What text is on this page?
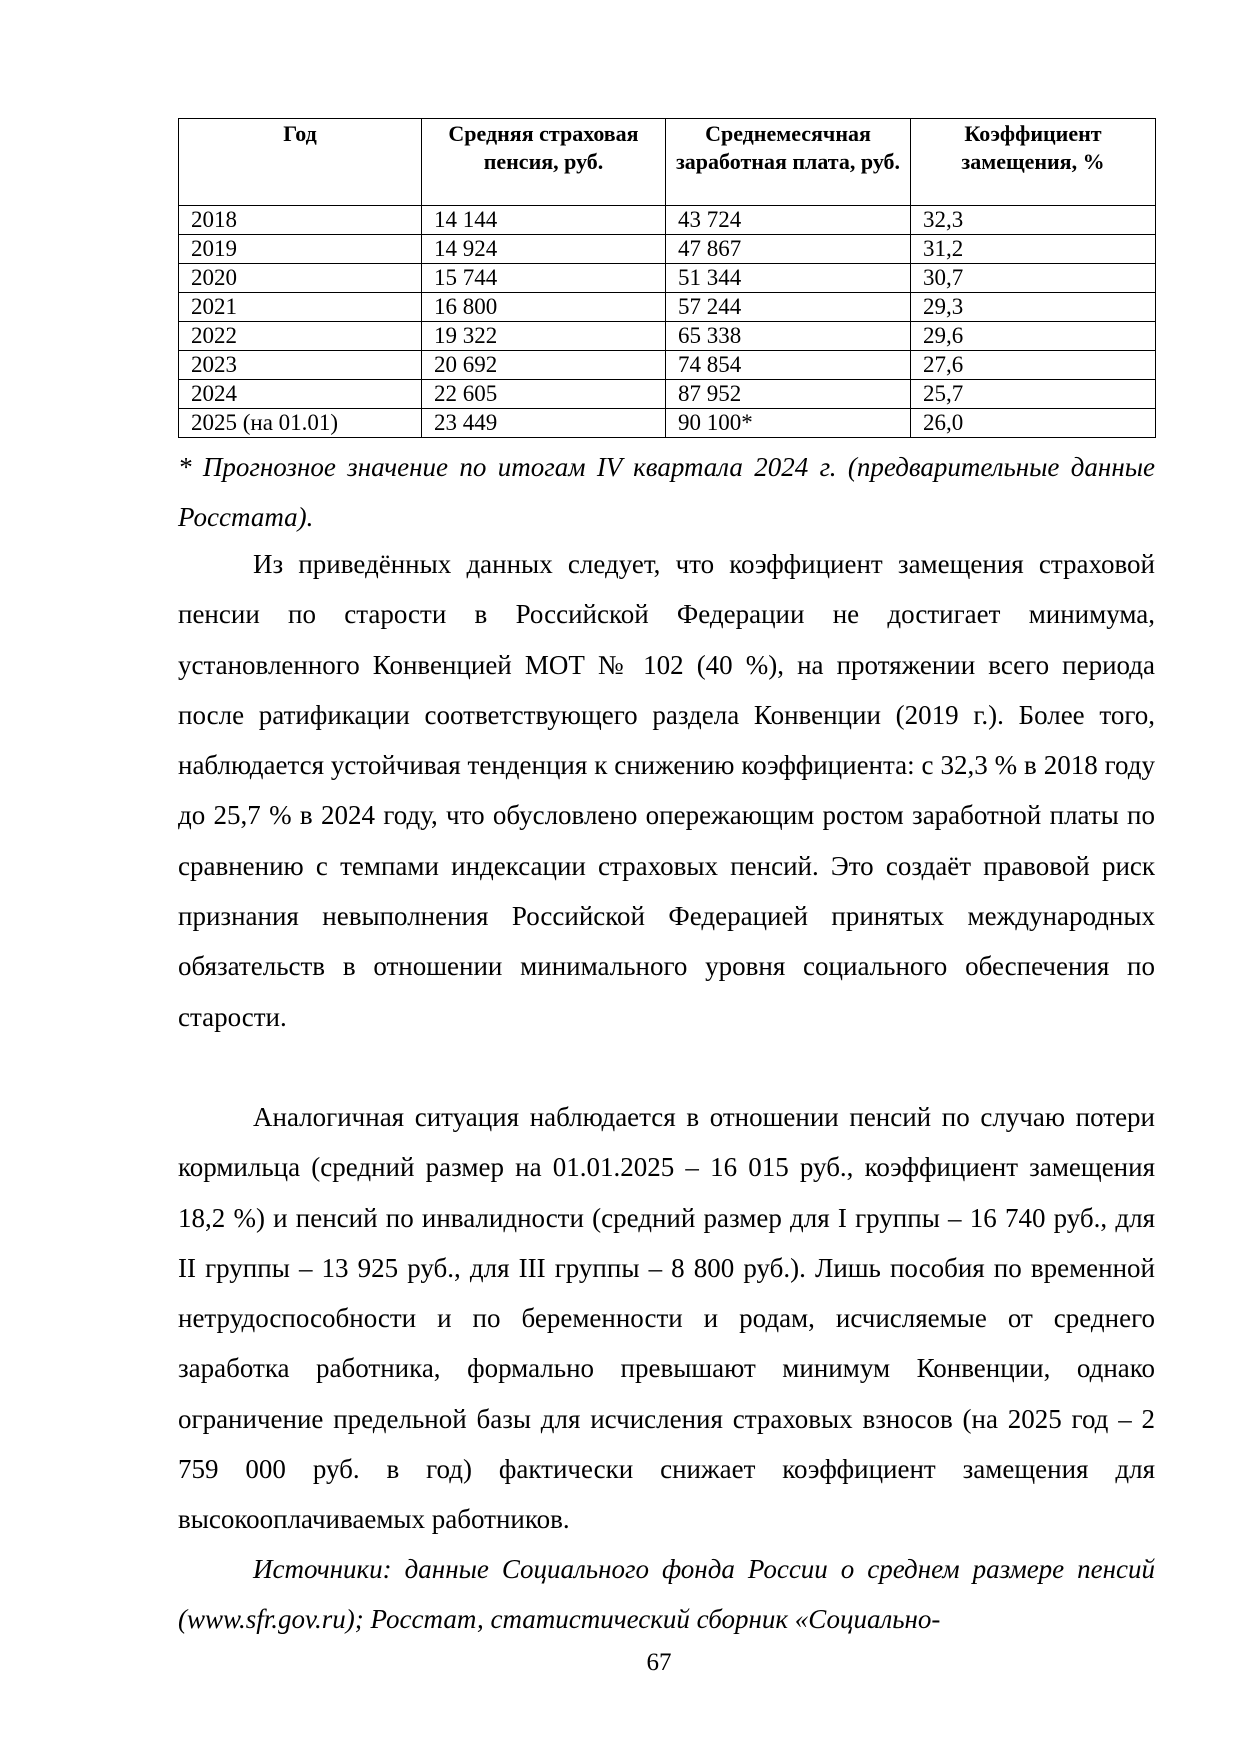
Год	Средняя страховая пенсия, руб.	Среднемесячная заработная плата, руб.	Коэффициент замещения, %
2018	14 144	43 724	32,3
2019	14 924	47 867	31,2
2020	15 744	51 344	30,7
2021	16 800	57 244	29,3
2022	19 322	65 338	29,6
2023	20 692	74 854	27,6
2024	22 605	87 952	25,7
2025 (на 01.01)	23 449	90 100*	26,0
* Прогнозное значение по итогам IV квартала 2024 г. (предварительные данные Росстата).

Из приведённых данных следует, что коэффициент замещения страховой пенсии по старости в Российской Федерации не достигает минимума, установленного Конвенцией МОТ № 102 (40 %), на протяжении всего периода после ратификации соответствующего раздела Конвенции (2019 г.). Более того, наблюдается устойчивая тенденция к снижению коэффициента: с 32,3 % в 2018 году до 25,7 % в 2024 году, что обусловлено опережающим ростом заработной платы по сравнению с темпами индексации страховых пенсий. Это создаёт правовой риск признания невыполнения Российской Федерацией принятых международных обязательств в отношении минимального уровня социального обеспечения по старости.

Аналогичная ситуация наблюдается в отношении пенсий по случаю потери кормильца (средний размер на 01.01.2025 – 16 015 руб., коэффициент замещения 18,2 %) и пенсий по инвалидности (средний размер для I группы – 16 740 руб., для II группы – 13 925 руб., для III группы – 8 800 руб.). Лишь пособия по временной нетрудоспособности и по беременности и родам, исчисляемые от среднего заработка работника, формально превышают минимум Конвенции, однако ограничение предельной базы для исчисления страховых взносов (на 2025 год – 2 759 000 руб. в год) фактически снижает коэффициент замещения для высокооплачиваемых работников.

Источники: данные Социального фонда России о среднем размере пенсий (www.sfr.gov.ru); Росстат, статистический сборник «Социально-

67
